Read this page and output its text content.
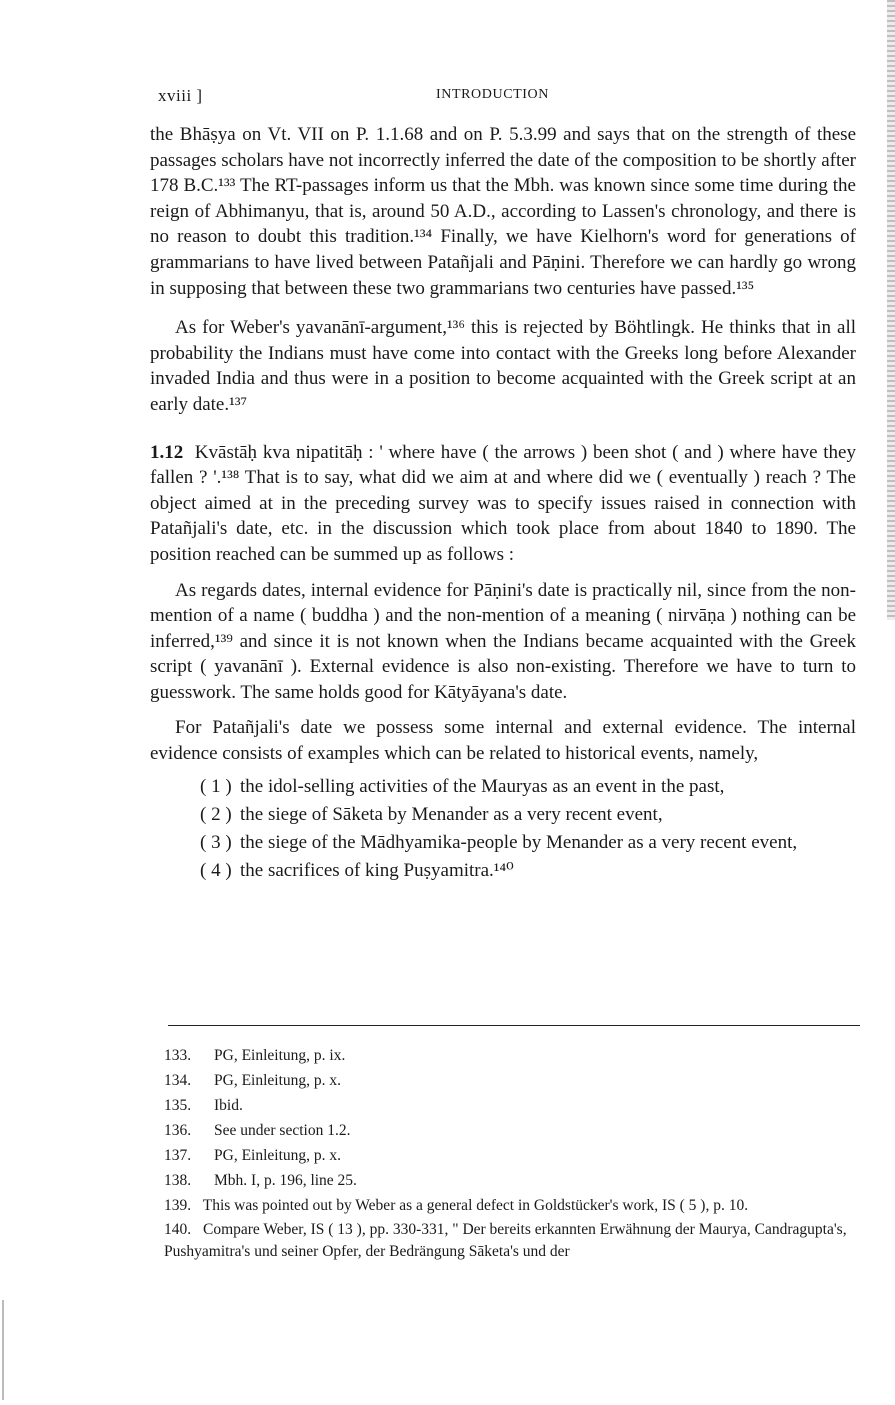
xviii ]	INTRODUCTION

the Bhāṣya on Vt. VII on P. 1.1.68 and on P. 5.3.99 and says that on the strength of these passages scholars have not incorrectly inferred the date of the composition to be shortly after 178 B.C.¹³³ The RT-passages inform us that the Mbh. was known since some time during the reign of Abhimanyu, that is, around 50 A.D., according to Lassen's chronology, and there is no reason to doubt this tradition.¹³⁴ Finally, we have Kielhorn's word for generations of grammarians to have lived between Patañjali and Pāṇini. Therefore we can hardly go wrong in supposing that between these two grammarians two centuries have passed.¹³⁵

As for Weber's yavanānī-argument,¹³⁶ this is rejected by Böhtlingk. He thinks that in all probability the Indians must have come into contact with the Greeks long before Alexander invaded India and thus were in a position to become acquainted with the Greek script at an early date.¹³⁷

1.12 Kvāstāḥ kva nipatitāḥ : ' where have ( the arrows ) been shot ( and ) where have they fallen ? '.¹³⁸ That is to say, what did we aim at and where did we ( eventually ) reach ? The object aimed at in the preceding survey was to specify issues raised in connection with Patañjali's date, etc. in the discussion which took place from about 1840 to 1890. The position reached can be summed up as follows :

As regards dates, internal evidence for Pāṇini's date is practically nil, since from the non-mention of a name ( buddha ) and the non-mention of a meaning ( nirvāṇa ) nothing can be inferred,¹³⁹ and since it is not known when the Indians became acquainted with the Greek script ( yavanānī ). External evidence is also non-existing. Therefore we have to turn to guesswork. The same holds good for Kātyāyana's date.

For Patañjali's date we possess some internal and external evidence. The internal evidence consists of examples which can be related to historical events, namely,

( 1 ) the idol-selling activities of the Mauryas as an event in the past,
( 2 ) the siege of Sāketa by Menander as a very recent event,
( 3 ) the siege of the Mādhyamika-people by Menander as a very recent event,
( 4 ) the sacrifices of king Puṣyamitra.¹⁴⁰
133.	PG, Einleitung, p. ix.
134.	PG, Einleitung, p. x.
135.	Ibid.
136.	See under section 1.2.
137.	PG, Einleitung, p. x.
138.	Mbh. I, p. 196, line 25.
139. This was pointed out by Weber as a general defect in Goldstücker's work, IS ( 5 ), p. 10.
140. Compare Weber, IS ( 13 ), pp. 330-331, " Der bereits erkannten Erwähnung der Maurya, Candragupta's, Pushyamitra's und seiner Opfer, der Bedrängung Sāketa's und der
